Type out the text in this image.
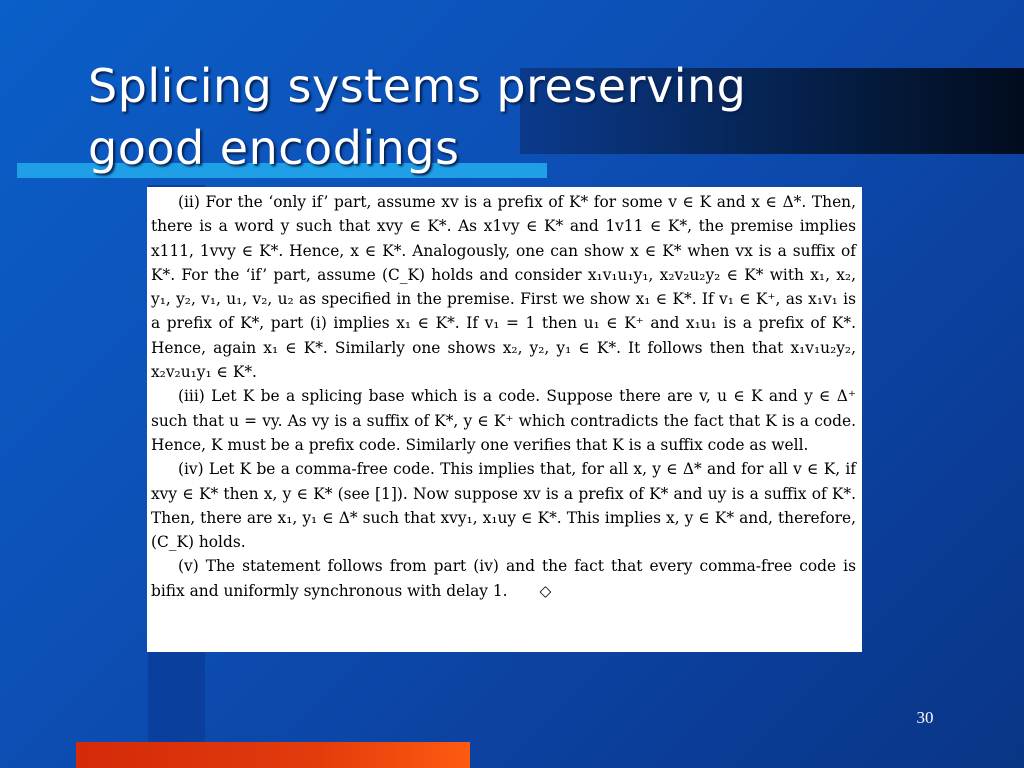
Splicing systems preserving
good encodings

(ii) For the ‘only if’ part, assume xv is a prefix of K* for some v ∈ K and x ∈ Δ*. Then, there is a word y such that xvy ∈ K*. As x1vy ∈ K* and 1v11 ∈ K*, the premise implies x111, 1vvy ∈ K*. Hence, x ∈ K*. Analogously, one can show x ∈ K* when vx is a suffix of K*. For the ‘if’ part, assume (C_K) holds and consider x₁v₁u₁y₁, x₂v₂u₂y₂ ∈ K* with x₁, x₂, y₁, y₂, v₁, u₁, v₂, u₂ as specified in the premise. First we show x₁ ∈ K*. If v₁ ∈ K⁺, as x₁v₁ is a prefix of K*, part (i) implies x₁ ∈ K*. If v₁ = 1 then u₁ ∈ K⁺ and x₁u₁ is a prefix of K*. Hence, again x₁ ∈ K*. Similarly one shows x₂, y₂, y₁ ∈ K*. It follows then that x₁v₁u₂y₂, x₂v₂u₁y₁ ∈ K*.

(iii) Let K be a splicing base which is a code. Suppose there are v, u ∈ K and y ∈ Δ⁺ such that u = vy. As vy is a suffix of K*, y ∈ K⁺ which contradicts the fact that K is a code. Hence, K must be a prefix code. Similarly one verifies that K is a suffix code as well.

(iv) Let K be a comma-free code. This implies that, for all x, y ∈ Δ* and for all v ∈ K, if xvy ∈ K* then x, y ∈ K* (see [1]). Now suppose xv is a prefix of K* and uy is a suffix of K*. Then, there are x₁, y₁ ∈ Δ* such that xvy₁, x₁uy ∈ K*. This implies x, y ∈ K* and, therefore, (C_K) holds.

(v) The statement follows from part (iv) and the fact that every comma-free code is bifix and uniformly synchronous with delay 1. ◇

30
